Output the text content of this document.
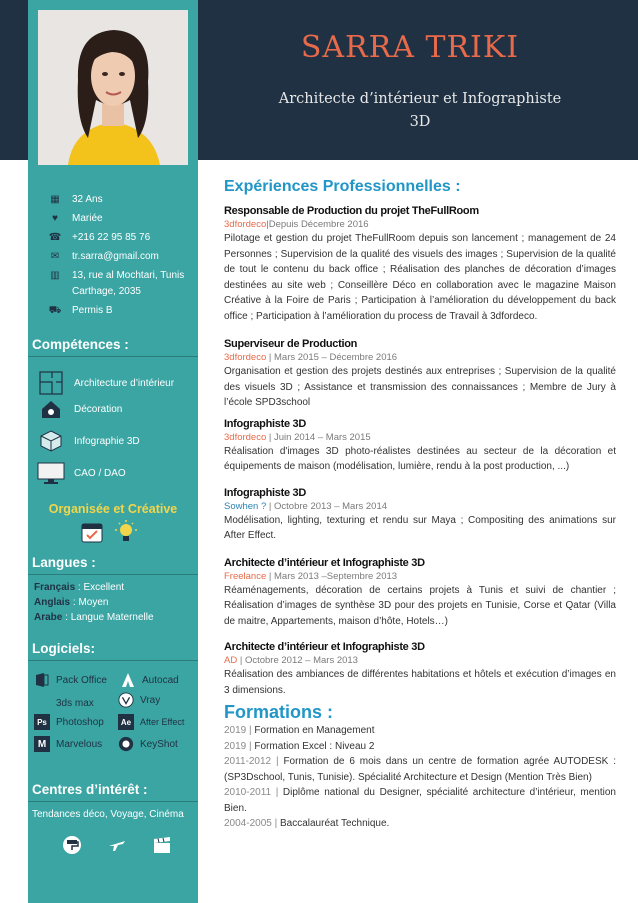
SARRA TRIKI
Architecte d’intérieur et Infographiste
3D
▦	32 Ans
♥	Mariée
☎	+216 22 95 85 76
✉	tr.sarra@gmail.com
▥	13, rue al Mochtari, Tunis Carthage, 2035
⛟	Permis B
Compétences :
Architecture d’intérieur
Décoration
Infographie 3D
CAO / DAO
Organisée et Créative
Langues :
Français : Excellent
Anglais : Moyen
Arabe : Langue Maternelle
Logiciels:
Pack Office	Autocad
3ds max	Vray
Ps Photoshop	Ae After Effect
M Marvelous	KeyShot
Centres d’intérêt :
Tendances déco, Voyage, Cinéma
Expériences Professionnelles :
Responsable de Production du projet TheFullRoom
3dfordeco|Depuis Décembre 2016
Pilotage et gestion du projet TheFullRoom depuis son lancement ; management de 24 Personnes ; Supervision de la qualité des visuels des images ; Supervision de la qualité de tout le contenu du back office ; Réalisation des planches de décoration d’images destinées au site web ; Conseillère Déco en collaboration avec le magazine Maison Créative à la Foire de Paris ; Participation à l’amélioration du développement du back office ; Participation à l’amélioration du process de Travail à 3dfordeco.
Superviseur de Production
3dfordeco | Mars 2015 – Décembre 2016
Organisation et gestion des projets destinés aux entreprises ; Supervision de la qualité des visuels 3D ; Assistance et transmission des connaissances ; Membre de Jury à l’école SPD3school
Infographiste 3D
3dfordeco | Juin 2014 – Mars 2015
Réalisation d'images 3D photo-réalistes destinées au secteur de la décoration et équipements de maison (modélisation, lumière, rendu à la post production, ...)
Infographiste 3D
Sowhen ? | Octobre 2013 – Mars 2014
Modélisation, lighting, texturing et rendu sur Maya ; Compositing des animations sur After Effect.
Architecte d’intérieur et Infographiste 3D
Freelance | Mars 2013 –Septembre 2013
Réaménagements, décoration de certains projets à Tunis et suivi de chantier ; Réalisation d’images de synthèse 3D pour des projets en Tunisie, Corse et Qatar (Villa de maitre, Appartements, maison d’hôte, Hotels…)
Architecte d’intérieur et Infographiste 3D
AD | Octobre 2012 – Mars 2013
Réalisation des ambiances de différentes habitations et hôtels et exécution d’images en 3 dimensions.
Formations :
2019 | Formation en Management
2019 | Formation Excel : Niveau 2
2011-2012 | Formation de 6 mois dans un centre de formation agrée AUTODESK : (SP3Dschool, Tunis, Tunisie). Spécialité Architecture et Design (Mention Très Bien)
2010-2011 | Diplôme national du Designer, spécialité architecture d’intérieur, mention Bien.
2004-2005 | Baccalauréat Technique.
